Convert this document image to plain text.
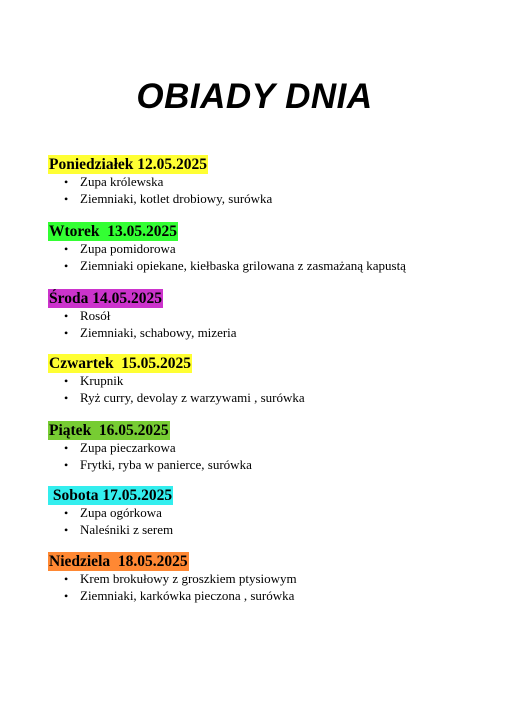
OBIADY DNIA
Poniedziałek 12.05.2025
• Zupa królewska
• Ziemniaki, kotlet drobiowy, surówka
Wtorek  13.05.2025
• Zupa pomidorowa
• Ziemniaki opiekane, kiełbaska grilowana z zasmażaną kapustą
Środa 14.05.2025
• Rosół
• Ziemniaki, schabowy, mizeria
Czwartek  15.05.2025
• Krupnik
• Ryż curry, devolay z warzywami , surówka
Piątek  16.05.2025
• Zupa pieczarkowa
• Frytki, ryba w panierce, surówka
Sobota 17.05.2025
• Zupa ogórkowa
• Naleśniki z serem
Niedziela  18.05.2025
• Krem brokułowy z groszkiem ptysiowym
• Ziemniaki, karkówka pieczona , surówka
